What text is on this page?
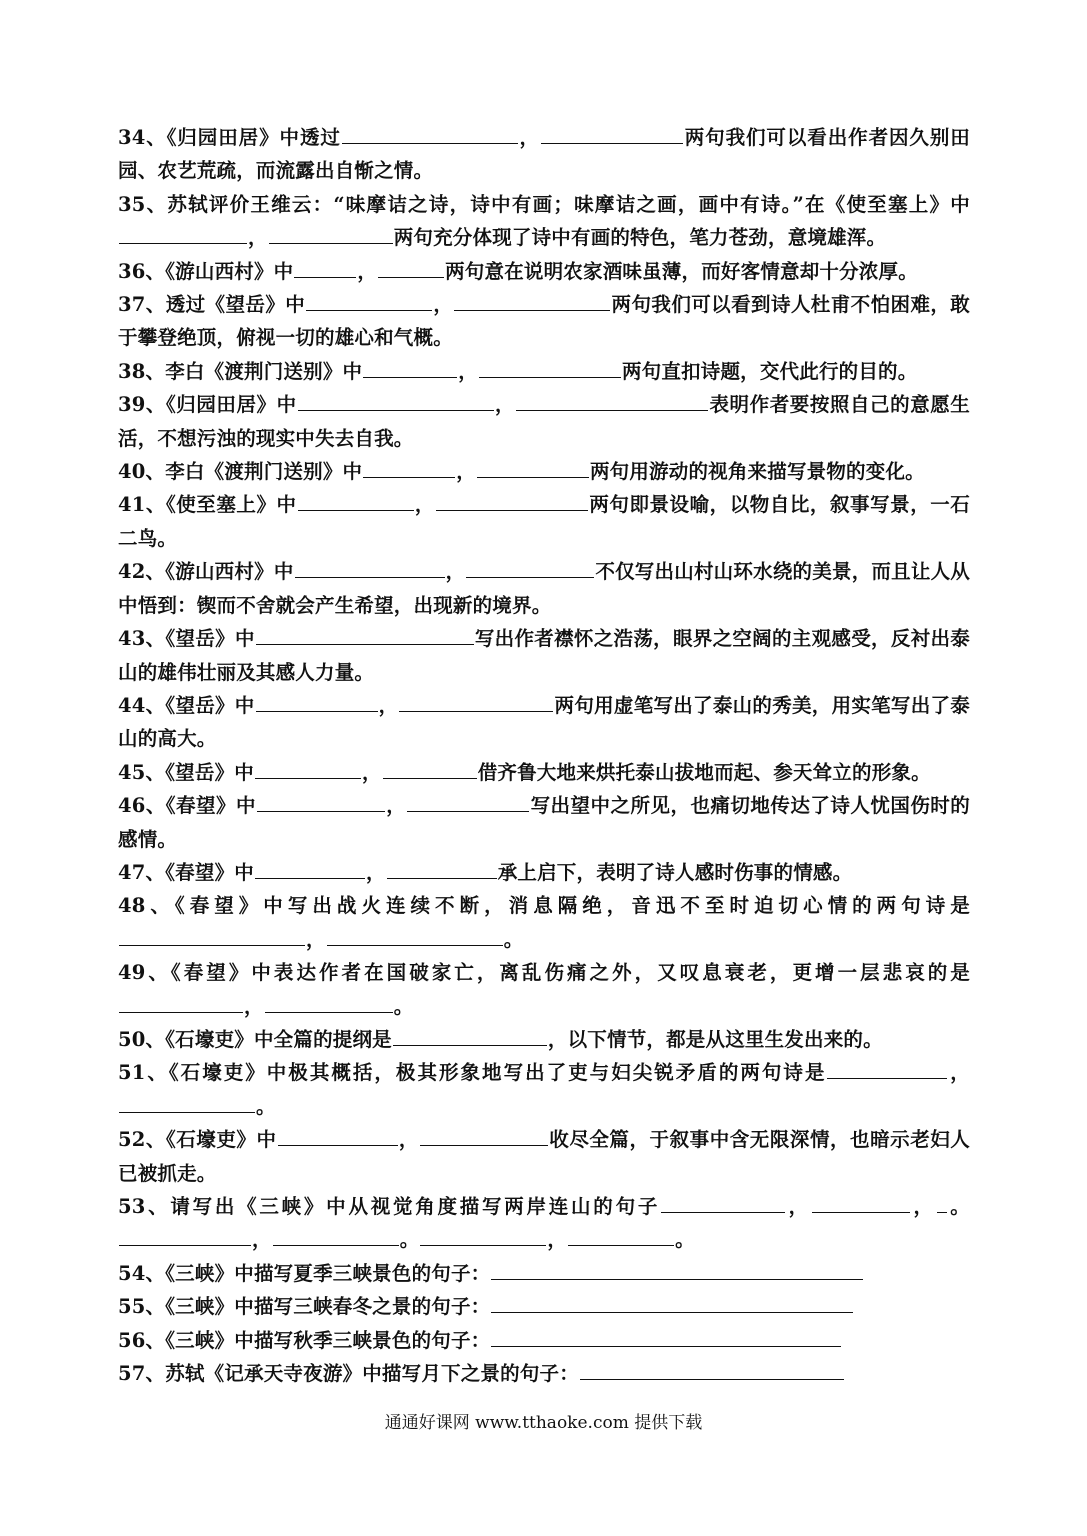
34、《归园田居》中透过	，	两句我们可以看出作者因久别田园、农艺荒疏，而流露出自惭之情。

35、苏轼评价王维云：“味摩诘之诗，诗中有画；味摩诘之画，画中有诗。”在《使至塞上》中，	两句充分体现了诗中有画的特色，笔力苍劲，意境雄浑。

36、《游山西村》中	，	两句意在说明农家酒味虽薄，而好客情意却十分浓厚。

37、透过《望岳》中	，	两句我们可以看到诗人杜甫不怕困难，敢于攀登绝顶，俯视一切的雄心和气概。

38、李白《渡荆门送别》中	，	两句直扣诗题，交代此行的目的。

39、《归园田居》中	，	表明作者要按照自己的意愿生活，不想污浊的现实中失去自我。

40、李白《渡荆门送别》中	，	两句用游动的视角来描写景物的变化。

41、《使至塞上》中	，	两句即景设喻，以物自比，叙事写景，一石二鸟。

42、《游山西村》中	，	不仅写出山村山环水绕的美景，而且让人从中悟到：锲而不舍就会产生希望，出现新的境界。

43、《望岳》中	写出作者襟怀之浩荡，眼界之空阔的主观感受，反衬出泰山的雄伟壮丽及其感人力量。

44、《望岳》中	，	两句用虚笔写出了泰山的秀美，用实笔写出了泰山的高大。

45、《望岳》中	，	借齐鲁大地来烘托泰山拔地而起、参天耸立的形象。

46、《春望》中	，	写出望中之所见，也痛切地传达了诗人忧国伤时的感情。

47、《春望》中	，	承上启下，表明了诗人感时伤事的情感。

48、《春望》中写出战火连续不断，消息隔绝，音迅不至时迫切心情的两句诗是，	。

49、《春望》中表达作者在国破家亡，离乱伤痛之外，又叹息衰老，更增一层悲哀的是，	。

50、《石壕吏》中全篇的提纲是	，以下情节，都是从这里生发出来的。

51、《石壕吏》中极其概括，极其形象地写出了吏与妇尖锐矛盾的两句诗是	，。

52、《石壕吏》中	，	收尽全篇，于叙事中含无限深情，也暗示老妇人已被抓走。

53、请写出《三峡》中从视觉角度描写两岸连山的句子	，	， 。，	。	，	。

54、《三峡》中描写夏季三峡景色的句子：

55、《三峡》中描写三峡春冬之景的句子：

56、《三峡》中描写秋季三峡景色的句子：

57、苏轼《记承天寺夜游》中描写月下之景的句子：

通通好课网 www.tthaoke.com 提供下载
